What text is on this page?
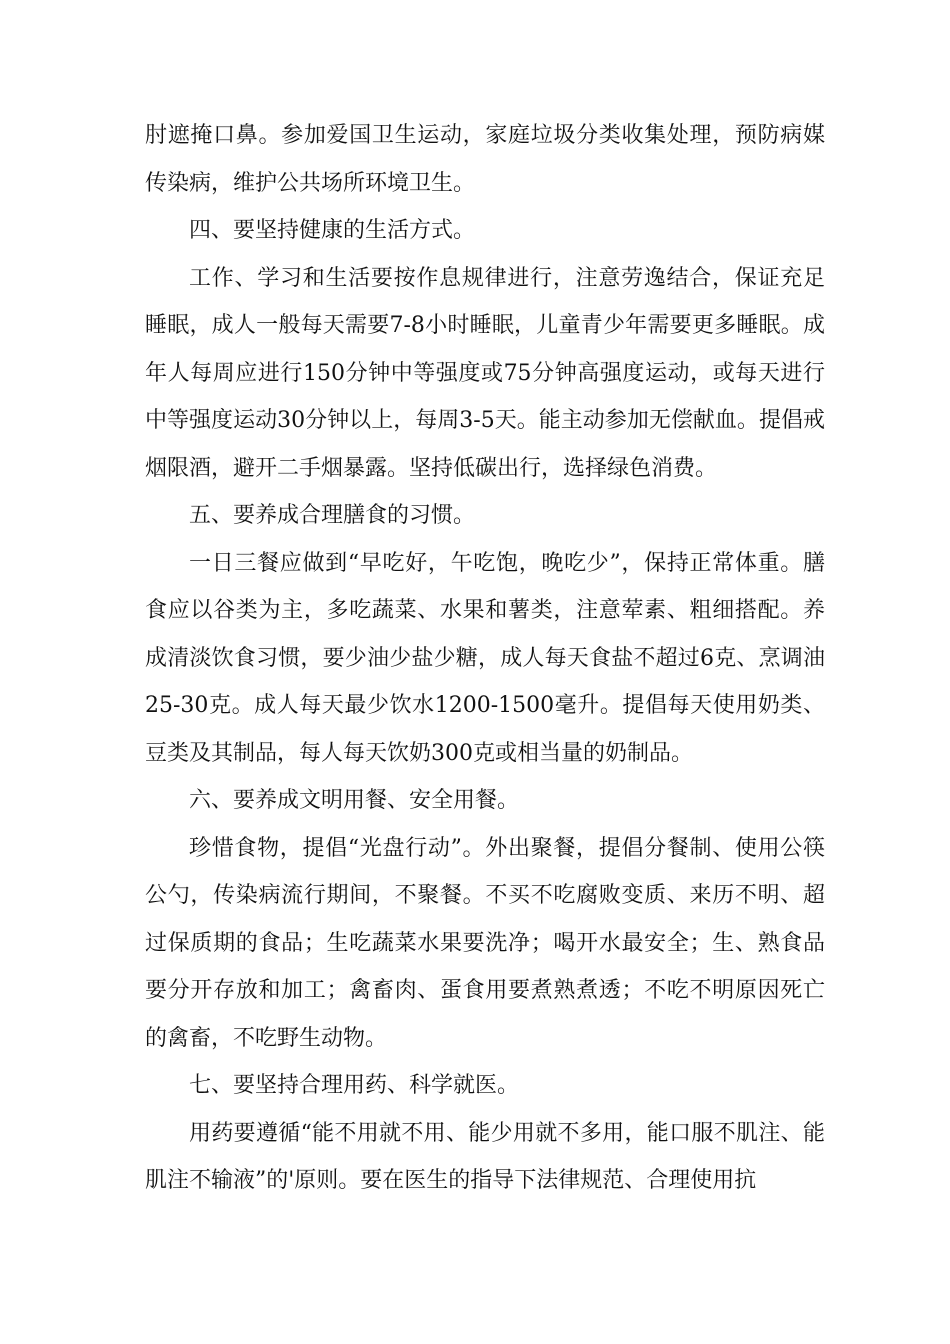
肘遮掩口鼻。参加爱国卫生运动，家庭垃圾分类收集处理，预防病媒传染病，维护公共场所环境卫生。

四、要坚持健康的生活方式。

工作、学习和生活要按作息规律进行，注意劳逸结合，保证充足睡眠，成人一般每天需要7-8小时睡眠，儿童青少年需要更多睡眠。成年人每周应进行150分钟中等强度或75分钟高强度运动，或每天进行中等强度运动30分钟以上，每周3-5天。能主动参加无偿献血。提倡戒烟限酒，避开二手烟暴露。坚持低碳出行，选择绿色消费。

五、要养成合理膳食的习惯。

一日三餐应做到“早吃好，午吃饱，晚吃少”，保持正常体重。膳食应以谷类为主，多吃蔬菜、水果和薯类，注意荤素、粗细搭配。养成清淡饮食习惯，要少油少盐少糖，成人每天食盐不超过6克、烹调油25-30克。成人每天最少饮水1200-1500毫升。提倡每天使用奶类、豆类及其制品，每人每天饮奶300克或相当量的奶制品。

六、要养成文明用餐、安全用餐。

珍惜食物，提倡“光盘行动”。外出聚餐，提倡分餐制、使用公筷公勺，传染病流行期间，不聚餐。不买不吃腐败变质、来历不明、超过保质期的食品；生吃蔬菜水果要洗净；喝开水最安全；生、熟食品要分开存放和加工；禽畜肉、蛋食用要煮熟煮透；不吃不明原因死亡的禽畜，不吃野生动物。

七、要坚持合理用药、科学就医。

用药要遵循“能不用就不用、能少用就不多用，能口服不肌注、能肌注不输液”的'原则。要在医生的指导下法律规范、合理使用抗
